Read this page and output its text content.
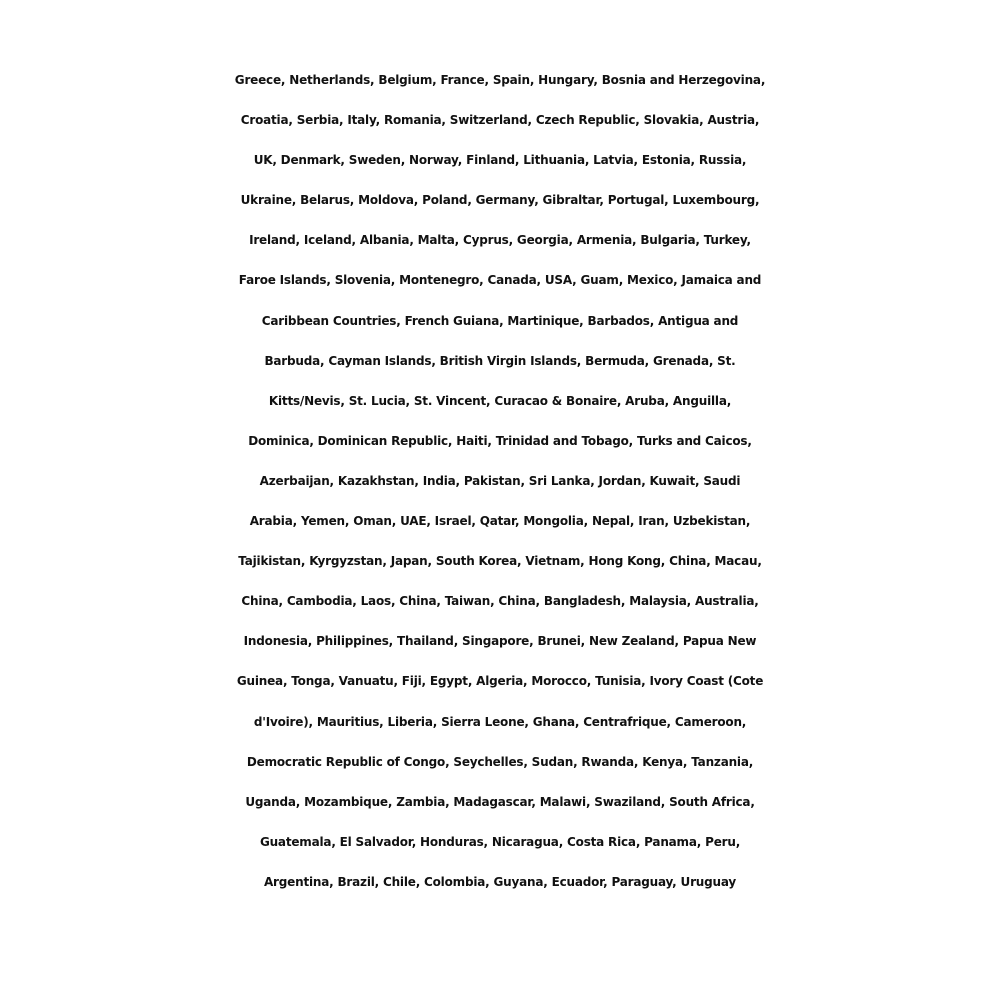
Greece, Netherlands, Belgium, France, Spain, Hungary, Bosnia and Herzegovina,
Croatia, Serbia, Italy, Romania, Switzerland, Czech Republic, Slovakia, Austria,
UK, Denmark, Sweden, Norway, Finland, Lithuania, Latvia, Estonia, Russia,
Ukraine, Belarus, Moldova, Poland, Germany, Gibraltar, Portugal, Luxembourg,
Ireland, Iceland, Albania, Malta, Cyprus, Georgia, Armenia, Bulgaria, Turkey,
Faroe Islands, Slovenia, Montenegro, Canada, USA, Guam, Mexico, Jamaica and
Caribbean Countries, French Guiana, Martinique, Barbados, Antigua and
Barbuda, Cayman Islands, British Virgin Islands, Bermuda, Grenada, St.
Kitts/Nevis, St. Lucia, St. Vincent, Curacao & Bonaire, Aruba, Anguilla,
Dominica, Dominican Republic, Haiti, Trinidad and Tobago, Turks and Caicos,
Azerbaijan, Kazakhstan, India, Pakistan, Sri Lanka, Jordan, Kuwait, Saudi
Arabia, Yemen, Oman, UAE, Israel, Qatar, Mongolia, Nepal, Iran, Uzbekistan,
Tajikistan, Kyrgyzstan, Japan, South Korea, Vietnam, Hong Kong, China, Macau,
China, Cambodia, Laos, China, Taiwan, China, Bangladesh, Malaysia, Australia,
Indonesia, Philippines, Thailand, Singapore, Brunei, New Zealand, Papua New
Guinea, Tonga, Vanuatu, Fiji, Egypt, Algeria, Morocco, Tunisia, Ivory Coast (Cote
d'Ivoire), Mauritius, Liberia, Sierra Leone, Ghana, Centrafrique, Cameroon,
Democratic Republic of Congo, Seychelles, Sudan, Rwanda, Kenya, Tanzania,
Uganda, Mozambique, Zambia, Madagascar, Malawi, Swaziland, South Africa,
Guatemala, El Salvador, Honduras, Nicaragua, Costa Rica, Panama, Peru,
Argentina, Brazil, Chile, Colombia, Guyana, Ecuador, Paraguay, Uruguay
